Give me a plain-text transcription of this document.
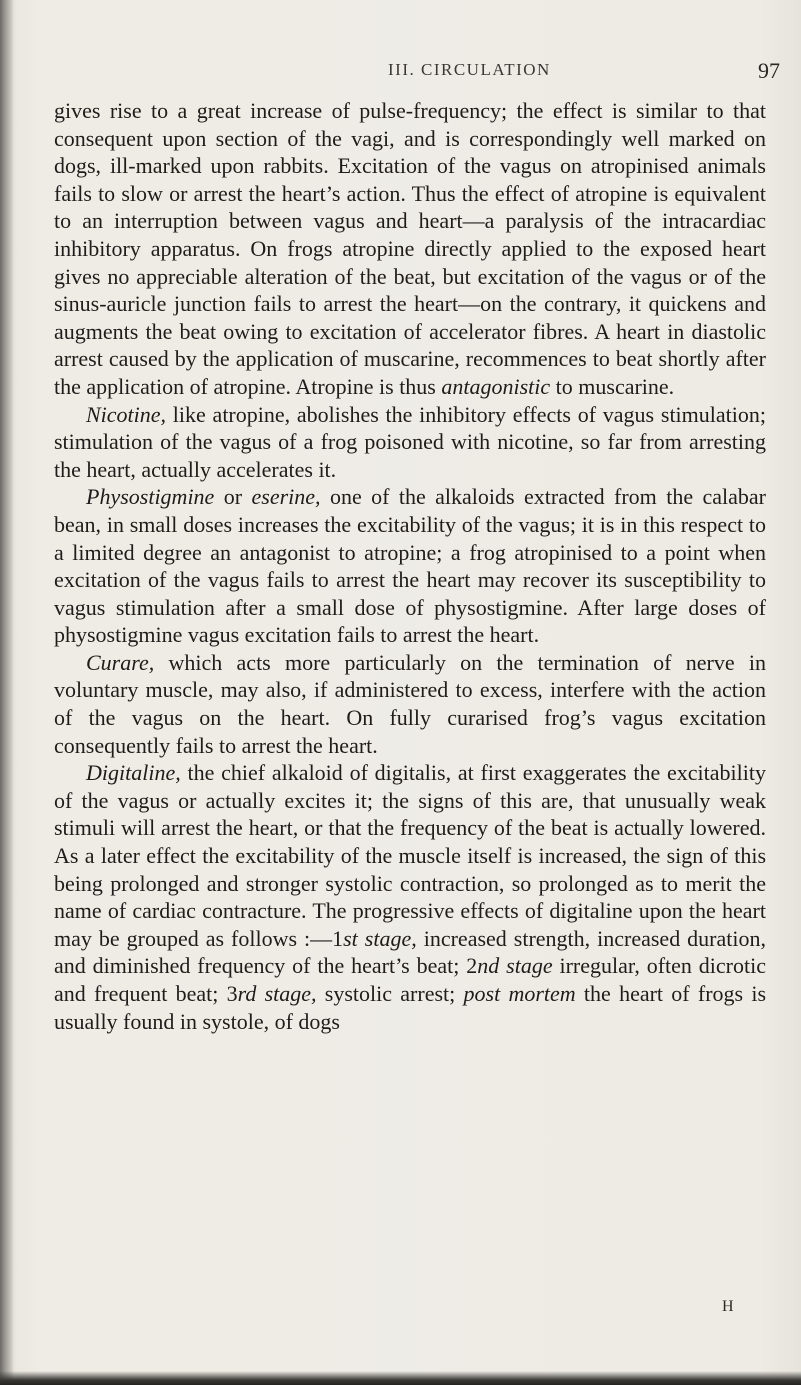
III. CIRCULATION	97

gives rise to a great increase of pulse-frequency; the effect is similar to that consequent upon section of the vagi, and is correspondingly well marked on dogs, ill-marked upon rabbits. Excitation of the vagus on atropinised animals fails to slow or arrest the heart’s action. Thus the effect of atropine is equivalent to an interruption between vagus and heart—a paralysis of the intracardiac inhibitory apparatus. On frogs atropine directly applied to the exposed heart gives no appreciable alteration of the beat, but excitation of the vagus or of the sinus-auricle junction fails to arrest the heart—on the contrary, it quickens and augments the beat owing to excitation of accelerator fibres. A heart in diastolic arrest caused by the application of muscarine, recommences to beat shortly after the application of atropine. Atropine is thus antagonistic to muscarine.

Nicotine, like atropine, abolishes the inhibitory effects of vagus stimulation; stimulation of the vagus of a frog poisoned with nicotine, so far from arresting the heart, actually accelerates it.

Physostigmine or eserine, one of the alkaloids extracted from the calabar bean, in small doses increases the excitability of the vagus; it is in this respect to a limited degree an antagonist to atropine; a frog atropinised to a point when excitation of the vagus fails to arrest the heart may recover its susceptibility to vagus stimulation after a small dose of physostigmine. After large doses of physostigmine vagus excitation fails to arrest the heart.

Curare, which acts more particularly on the termination of nerve in voluntary muscle, may also, if administered to excess, interfere with the action of the vagus on the heart. On fully curarised frog’s vagus excitation consequently fails to arrest the heart.

Digitaline, the chief alkaloid of digitalis, at first exaggerates the excitability of the vagus or actually excites it; the signs of this are, that unusually weak stimuli will arrest the heart, or that the frequency of the beat is actually lowered. As a later effect the excitability of the muscle itself is increased, the sign of this being prolonged and stronger systolic contraction, so prolonged as to merit the name of cardiac contracture. The progressive effects of digitaline upon the heart may be grouped as follows :—1st stage, increased strength, increased duration, and diminished frequency of the heart’s beat; 2nd stage irregular, often dicrotic and frequent beat; 3rd stage, systolic arrest; post mortem the heart of frogs is usually found in systole, of dogs

H
